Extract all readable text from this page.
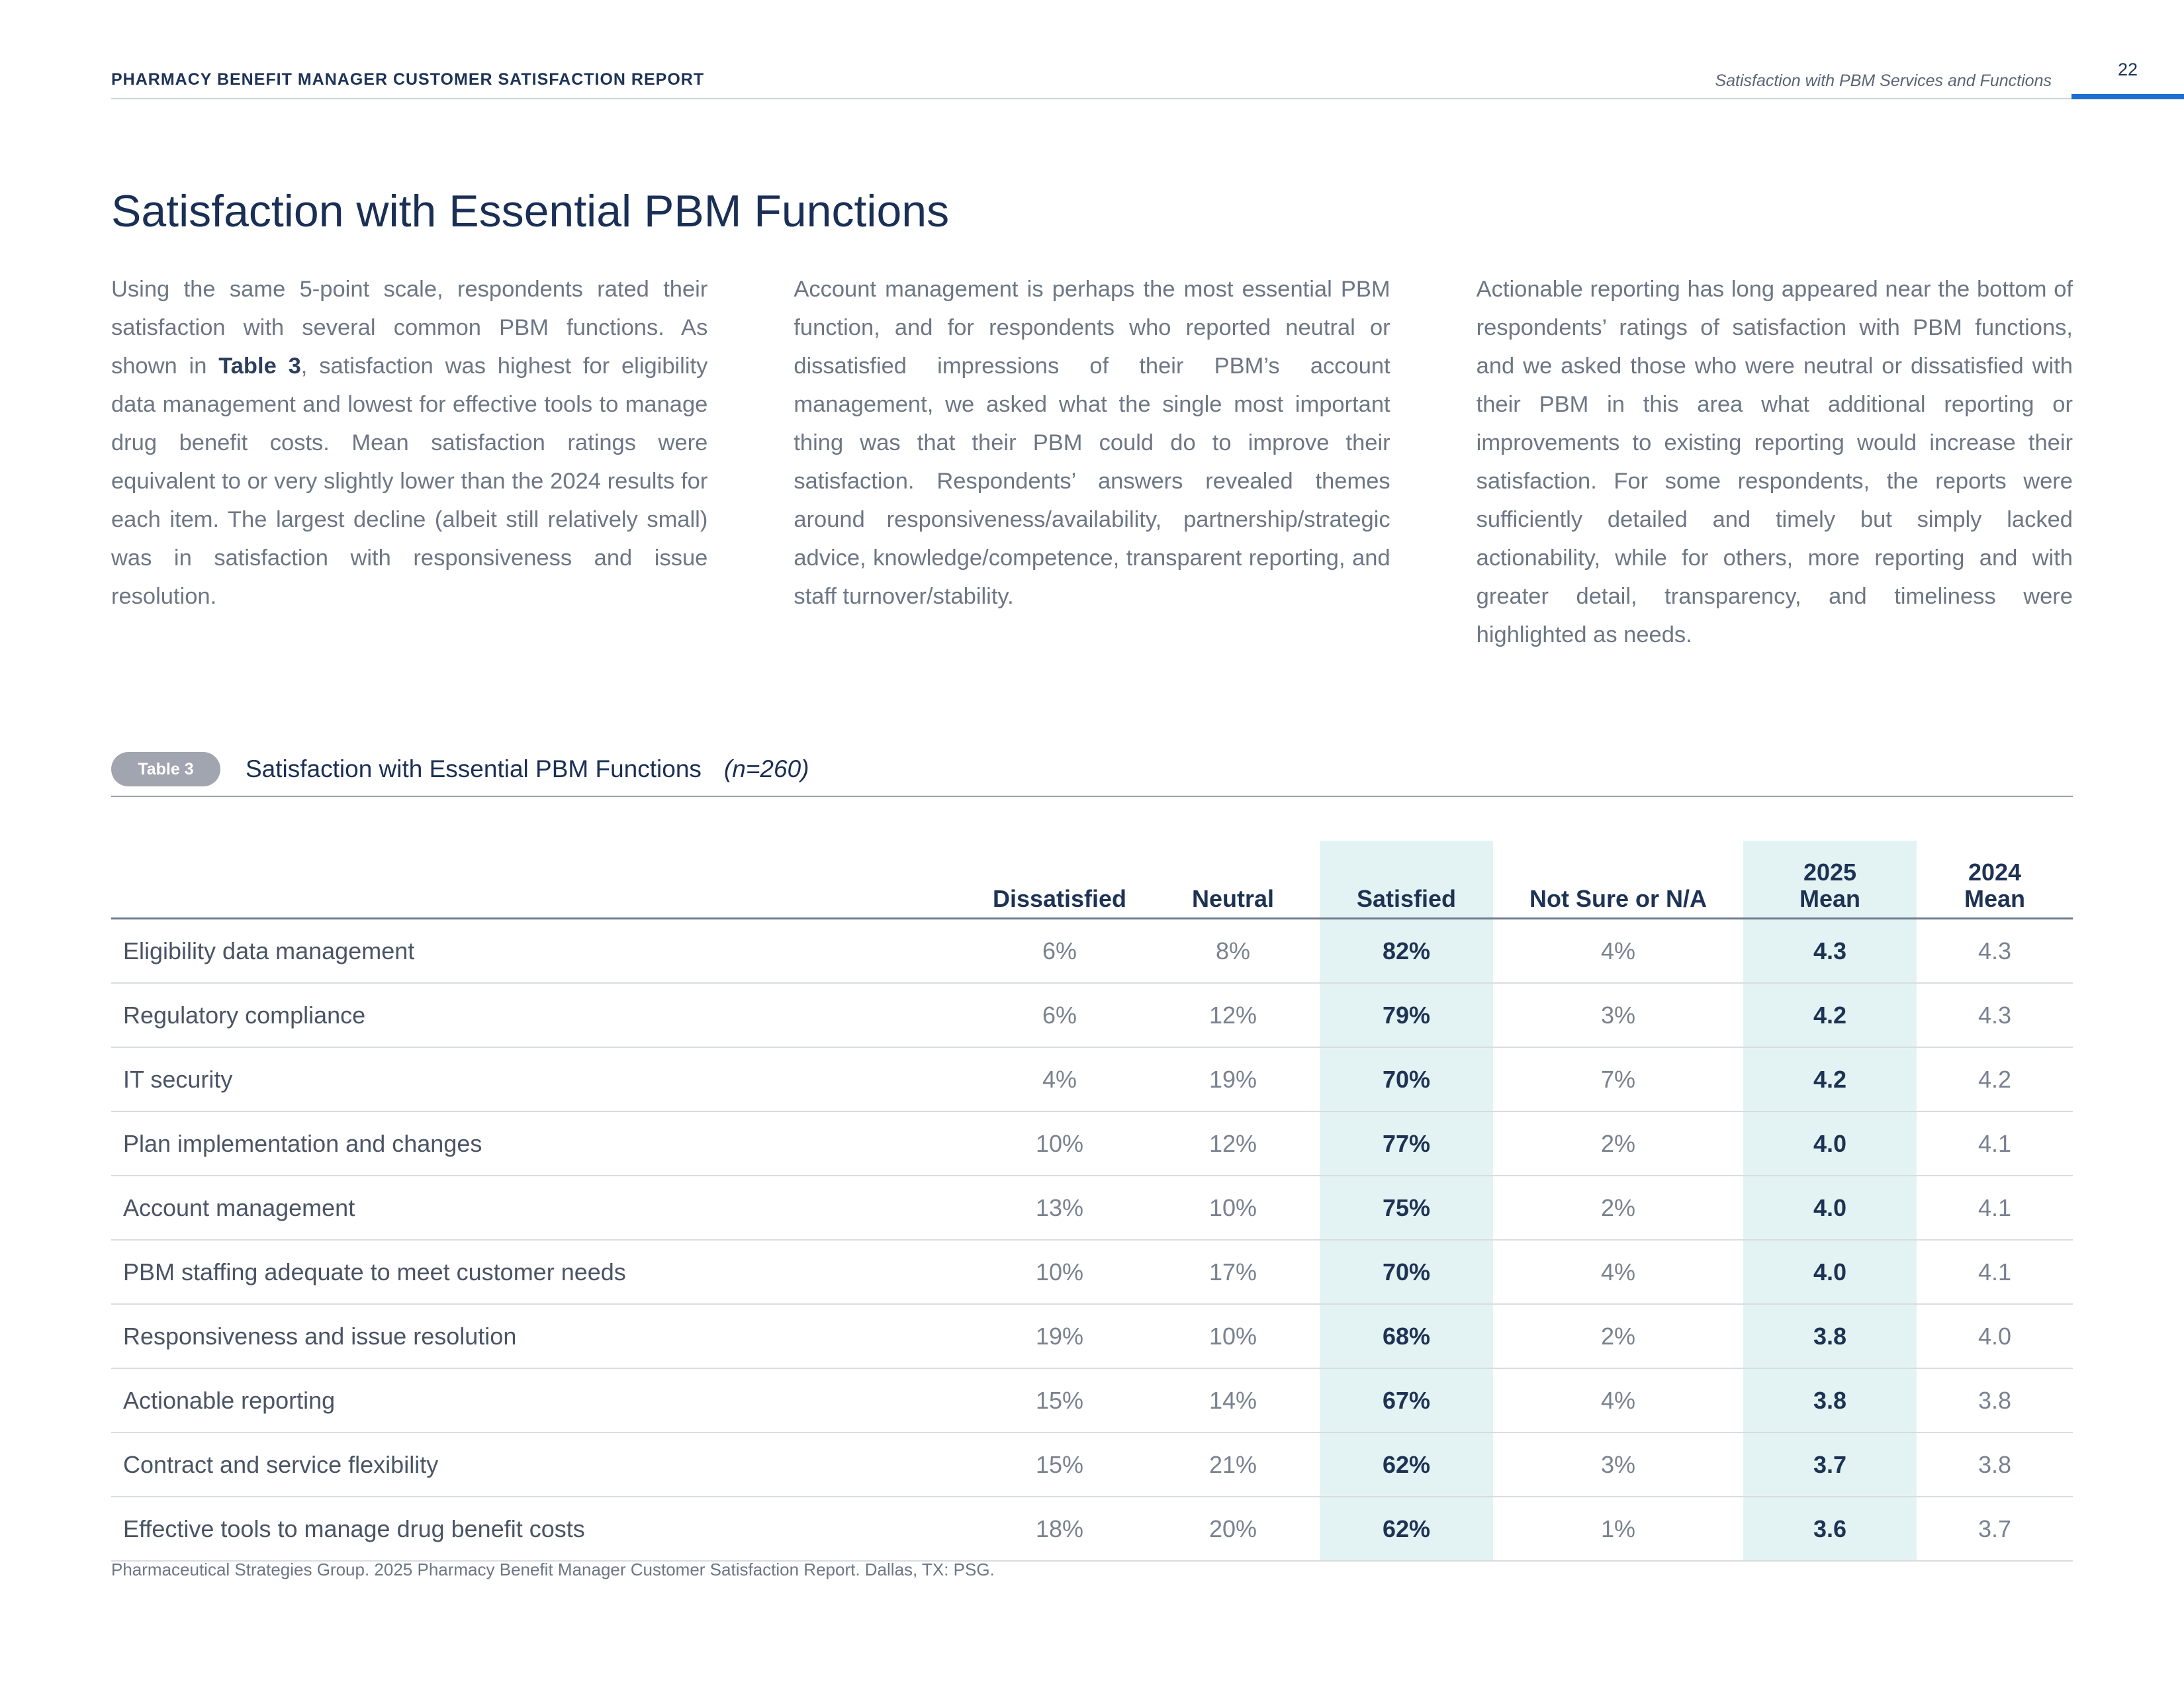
PHARMACY BENEFIT MANAGER CUSTOMER SATISFACTION REPORT	Satisfaction with PBM Services and Functions
22
Satisfaction with Essential PBM Functions

Using the same 5-point scale, respondents rated their satisfaction with several common PBM functions. As shown in Table 3, satisfaction was highest for eligibility data management and lowest for effective tools to manage drug benefit costs. Mean satisfaction ratings were equivalent to or very slightly lower than the 2024 results for each item. The largest decline (albeit still relatively small) was in satisfaction with responsiveness and issue resolution.

Account management is perhaps the most essential PBM function, and for respondents who reported neutral or dissatisfied impressions of their PBM’s account management, we asked what the single most important thing was that their PBM could do to improve their satisfaction. Respondents’ answers revealed themes around responsiveness/availability, partnership/strategic advice, knowledge/competence, transparent reporting, and staff turnover/stability.

Actionable reporting has long appeared near the bottom of respondents’ ratings of satisfaction with PBM functions, and we asked those who were neutral or dissatisfied with their PBM in this area what additional reporting or improvements to existing reporting would increase their satisfaction. For some respondents, the reports were sufficiently detailed and timely but simply lacked actionability, while for others, more reporting and with greater detail, transparency, and timeliness were highlighted as needs.

Table 3	Satisfaction with Essential PBM Functions (n=260)
	Dissatisfied	Neutral	Satisfied	Not Sure or N/A	2025
Mean	2024
Mean
Eligibility data management	6%	8%	82%	4%	4.3	4.3
Regulatory compliance	6%	12%	79%	3%	4.2	4.3
IT security	4%	19%	70%	7%	4.2	4.2
Plan implementation and changes	10%	12%	77%	2%	4.0	4.1
Account management	13%	10%	75%	2%	4.0	4.1
PBM staffing adequate to meet customer needs	10%	17%	70%	4%	4.0	4.1
Responsiveness and issue resolution	19%	10%	68%	2%	3.8	4.0
Actionable reporting	15%	14%	67%	4%	3.8	3.8
Contract and service flexibility	15%	21%	62%	3%	3.7	3.8
Effective tools to manage drug benefit costs	18%	20%	62%	1%	3.6	3.7
Pharmaceutical Strategies Group. 2025 Pharmacy Benefit Manager Customer Satisfaction Report. Dallas, TX: PSG.
